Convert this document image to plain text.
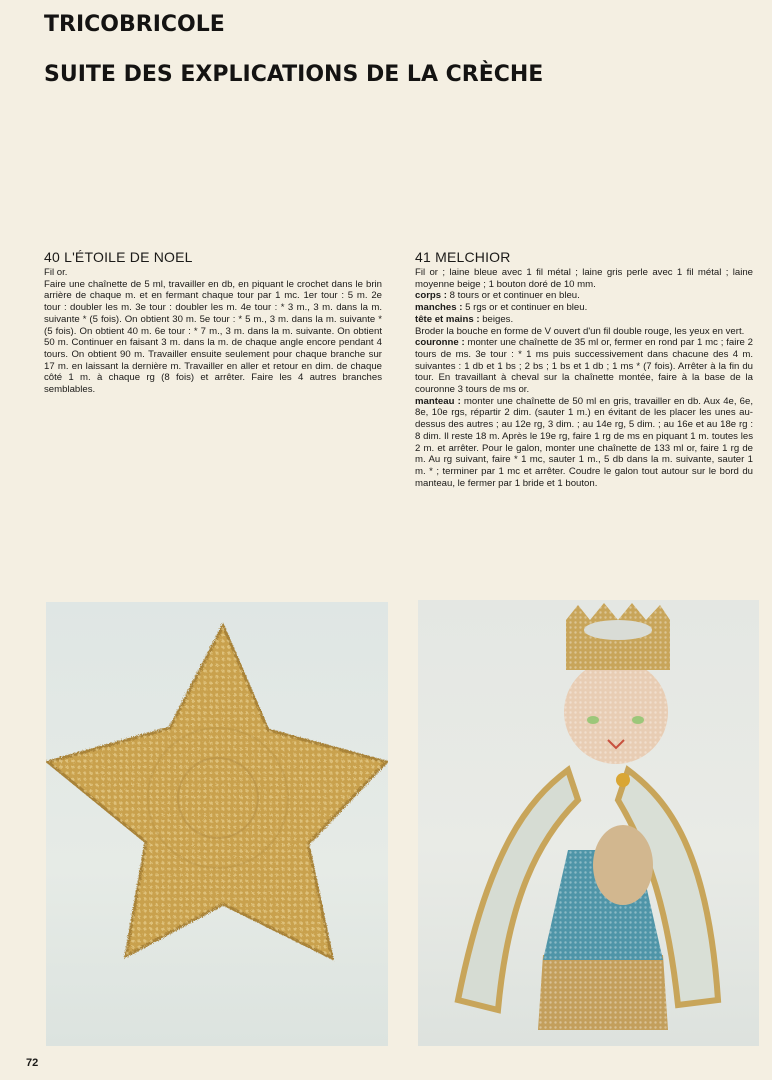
TRICOBRICOLE
SUITE DES EXPLICATIONS DE LA CRÈCHE
40 L'ÉTOILE DE NOEL

Fil or.

Faire une chaînette de 5 ml, travailler en db, en piquant le crochet dans le brin arrière de chaque m. et en fermant chaque tour par 1 mc. 1er tour : 5 m. 2e tour : doubler les m. 3e tour : doubler les m. 4e tour : * 3 m., 3 m. dans la m. suivante * (5 fois). On obtient 30 m. 5e tour : * 5 m., 3 m. dans la m. suivante * (5 fois). On obtient 40 m. 6e tour : * 7 m., 3 m. dans la m. suivante. On obtient 50 m. Continuer en faisant 3 m. dans la m. de chaque angle encore pendant 4 tours. On obtient 90 m. Travailler ensuite seulement pour chaque branche sur 17 m. en laissant la dernière m. Travailler en aller et retour en dim. de chaque côté 1 m. à chaque rg (8 fois) et arrêter. Faire les 4 autres branches semblables.

41 MELCHIOR

Fil or ; laine bleue avec 1 fil métal ; laine gris perle avec 1 fil métal ; laine moyenne beige ; 1 bouton doré de 10 mm.

corps : 8 tours or et continuer en bleu.

manches : 5 rgs or et continuer en bleu.

tête et mains : beiges.

Broder la bouche en forme de V ouvert d'un fil double rouge, les yeux en vert.

couronne : monter une chaînette de 35 ml or, fermer en rond par 1 mc ; faire 2 tours de ms. 3e tour : * 1 ms puis successivement dans chacune des 4 m. suivantes : 1 db et 1 bs ; 2 bs ; 1 bs et 1 db ; 1 ms * (7 fois). Arrêter à la fin du tour. En travaillant à cheval sur la chaînette montée, faire à la base de la couronne 3 tours de ms or.

manteau : monter une chaînette de 50 ml en gris, travailler en db. Aux 4e, 6e, 8e, 10e rgs, répartir 2 dim. (sauter 1 m.) en évitant de les placer les unes au-dessus des autres ; au 12e rg, 3 dim. ; au 14e rg, 5 dim. ; au 16e et au 18e rg : 8 dim. Il reste 18 m. Après le 19e rg, faire 1 rg de ms en piquant 1 m. toutes les 2 m. et arrêter. Pour le galon, monter une chaînette de 133 ml or, faire 1 rg de m. Au rg suivant, faire * 1 mc, sauter 1 m., 5 db dans la m. suivante, sauter 1 m. * ; terminer par 1 mc et arrêter. Coudre le galon tout autour sur le bord du manteau, le fermer par 1 bride et 1 bouton.

72
